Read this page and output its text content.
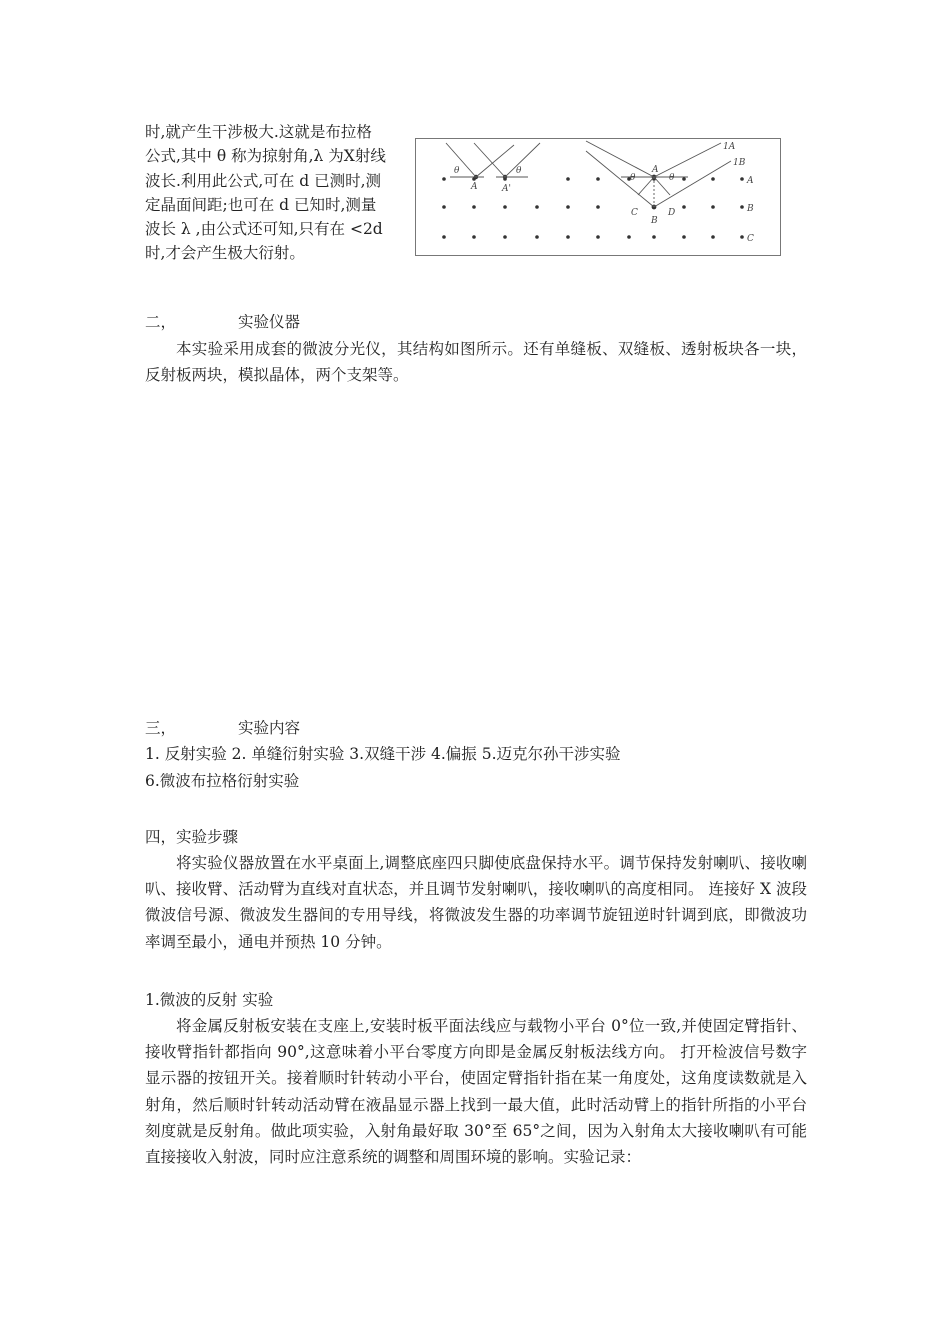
时,就产生干涉极大.这就是布拉格
公式,其中 θ 称为掠射角,λ 为X射线
波长.利用此公式,可在 d 已测时,测
定晶面间距;也可在 d 已知时,测量
波长 λ ,由公式还可知,只有在 <2d
时,才会产生极大衍射。
θ
A	A'
θ
θ	θ
A
C
B
D
1A
1B
A
B
C
二，	实验仪器
本实验采用成套的微波分光仪，其结构如图所示。还有单缝板、双缝板、透射板块各一块，反射板两块，模拟晶体，两个支架等。
三，	实验内容
1. 反射实验 2. 单缝衍射实验 3.双缝干涉 4.偏振 5.迈克尔孙干涉实验
6.微波布拉格衍射实验
四，实验步骤
将实验仪器放置在水平桌面上,调整底座四只脚使底盘保持水平。调节保持发射喇叭、接收喇叭、接收臂、活动臂为直线对直状态，并且调节发射喇叭，接收喇叭的高度相同。 连接好 X 波段微波信号源、微波发生器间的专用导线，将微波发生器的功率调节旋钮逆时针调到底，即微波功率调至最小，通电并预热 10 分钟。
1.微波的反射 实验
将金属反射板安装在支座上,安装时板平面法线应与载物小平台 0°位一致,并使固定臂指针、接收臂指针都指向 90°,这意味着小平台零度方向即是金属反射板法线方向。 打开检波信号数字显示器的按钮开关。接着顺时针转动小平台，使固定臂指针指在某一角度处，这角度读数就是入射角，然后顺时针转动活动臂在液晶显示器上找到一最大值，此时活动臂上的指针所指的小平台刻度就是反射角。做此项实验，入射角最好取 30°至 65°之间，因为入射角太大接收喇叭有可能直接接收入射波，同时应注意系统的调整和周围环境的影响。实验记录：
